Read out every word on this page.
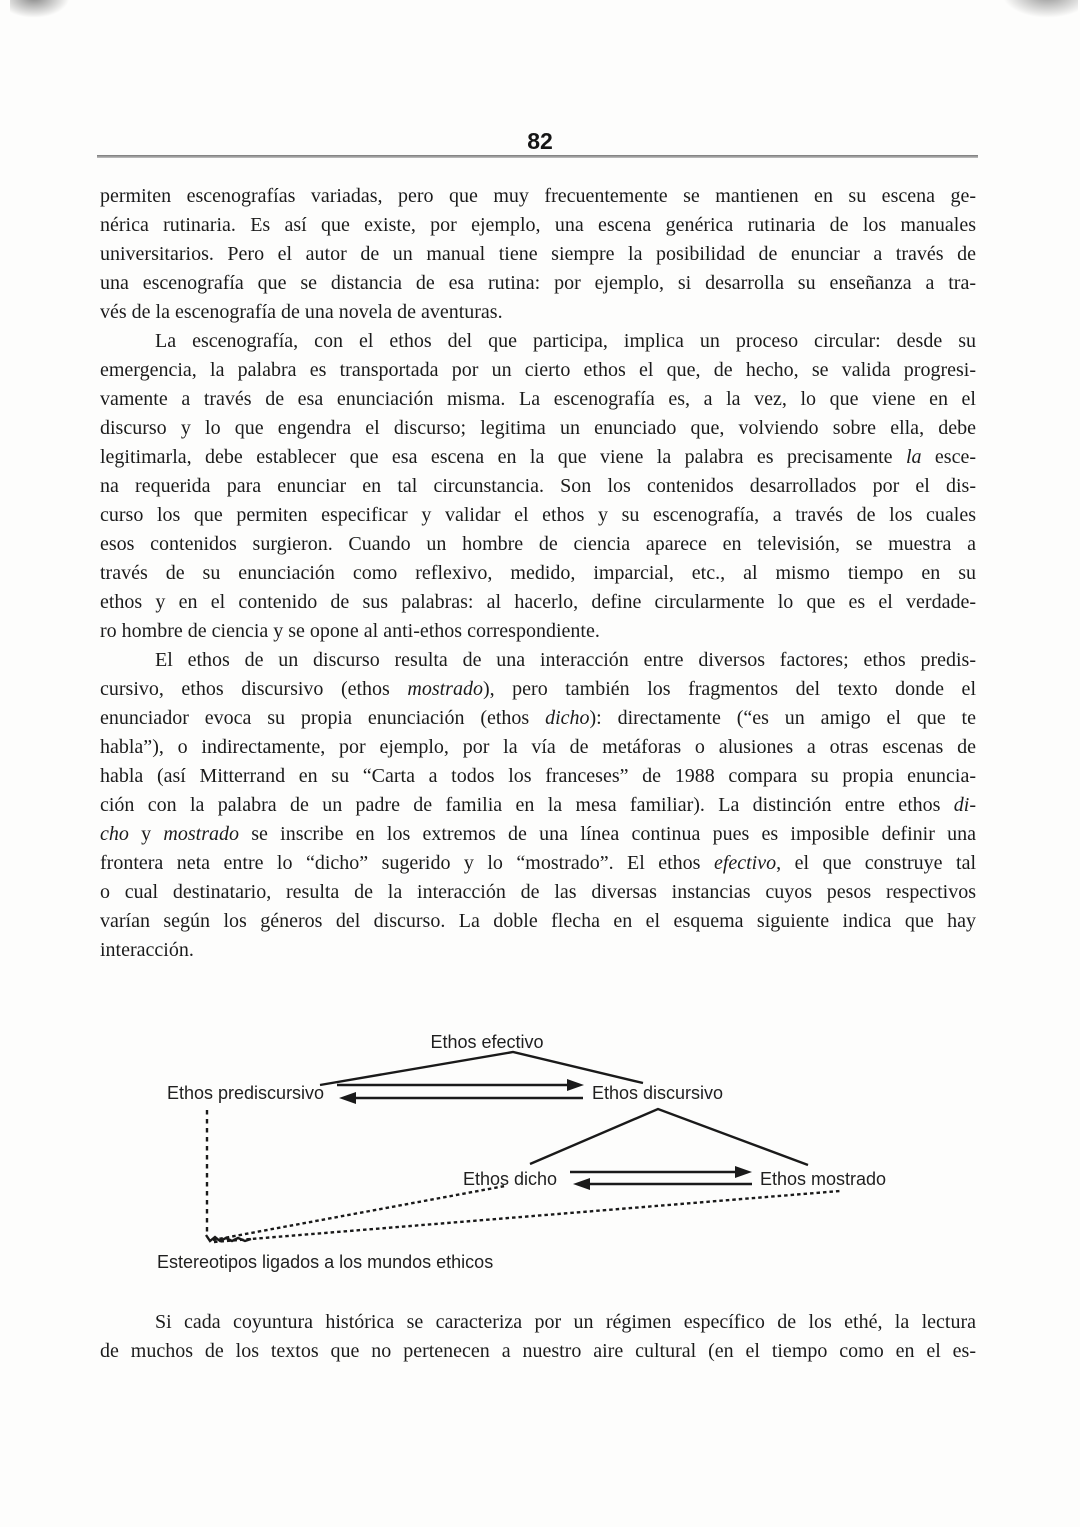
82
permiten escenografías variadas, pero que muy frecuentemente se mantienen en su escena ge-
nérica rutinaria. Es así que existe, por ejemplo, una escena genérica rutinaria de los manuales
universitarios. Pero el autor de un manual tiene siempre la posibilidad de enunciar a través de
una escenografía que se distancia de esa rutina: por ejemplo, si desarrolla su enseñanza a tra-
vés de la escenografía de una novela de aventuras.
La escenografía, con el ethos del que participa, implica un proceso circular: desde su
emergencia, la palabra es transportada por un cierto ethos el que, de hecho, se valida progresi-
vamente a través de esa enunciación misma. La escenografía es, a la vez, lo que viene en el
discurso y lo que engendra el discurso; legitima un enunciado que, volviendo sobre ella, debe
legitimarla, debe establecer que esa escena en la que viene la palabra es precisamente la esce-
na requerida para enunciar en tal circunstancia. Son los contenidos desarrollados por el dis-
curso los que permiten especificar y validar el ethos y su escenografía, a través de los cuales
esos contenidos surgieron. Cuando un hombre de ciencia aparece en televisión, se muestra a
través de su enunciación como reflexivo, medido, imparcial, etc., al mismo tiempo en su
ethos y en el contenido de sus palabras: al hacerlo, define circularmente lo que es el verdade-
ro hombre de ciencia y se opone al anti-ethos correspondiente.
El ethos de un discurso resulta de una interacción entre diversos factores; ethos predis-
cursivo, ethos discursivo (ethos mostrado), pero también los fragmentos del texto donde el
enunciador evoca su propia enunciación (ethos dicho): directamente (“es un amigo el que te
habla”), o indirectamente, por ejemplo, por la vía de metáforas o alusiones a otras escenas de
habla (así Mitterrand en su “Carta a todos los franceses” de 1988 compara su propia enuncia-
ción con la palabra de un padre de familia en la mesa familiar). La distinción entre ethos di-
cho y mostrado se inscribe en los extremos de una línea continua pues es imposible definir una
frontera neta entre lo “dicho” sugerido y lo “mostrado”. El ethos efectivo, el que construye tal
o cual destinatario, resulta de la interacción de las diversas instancias cuyos pesos respectivos
varían según los géneros del discurso. La doble flecha en el esquema siguiente indica que hay
interacción.
Ethos efectivo
Ethos prediscursivo	Ethos discursivo
Ethos dicho	Ethos mostrado
Estereotipos ligados a los mundos ethicos
Si cada coyuntura histórica se caracteriza por un régimen específico de los ethé, la lectura
de muchos de los textos que no pertenecen a nuestro aire cultural (en el tiempo como en el es-
